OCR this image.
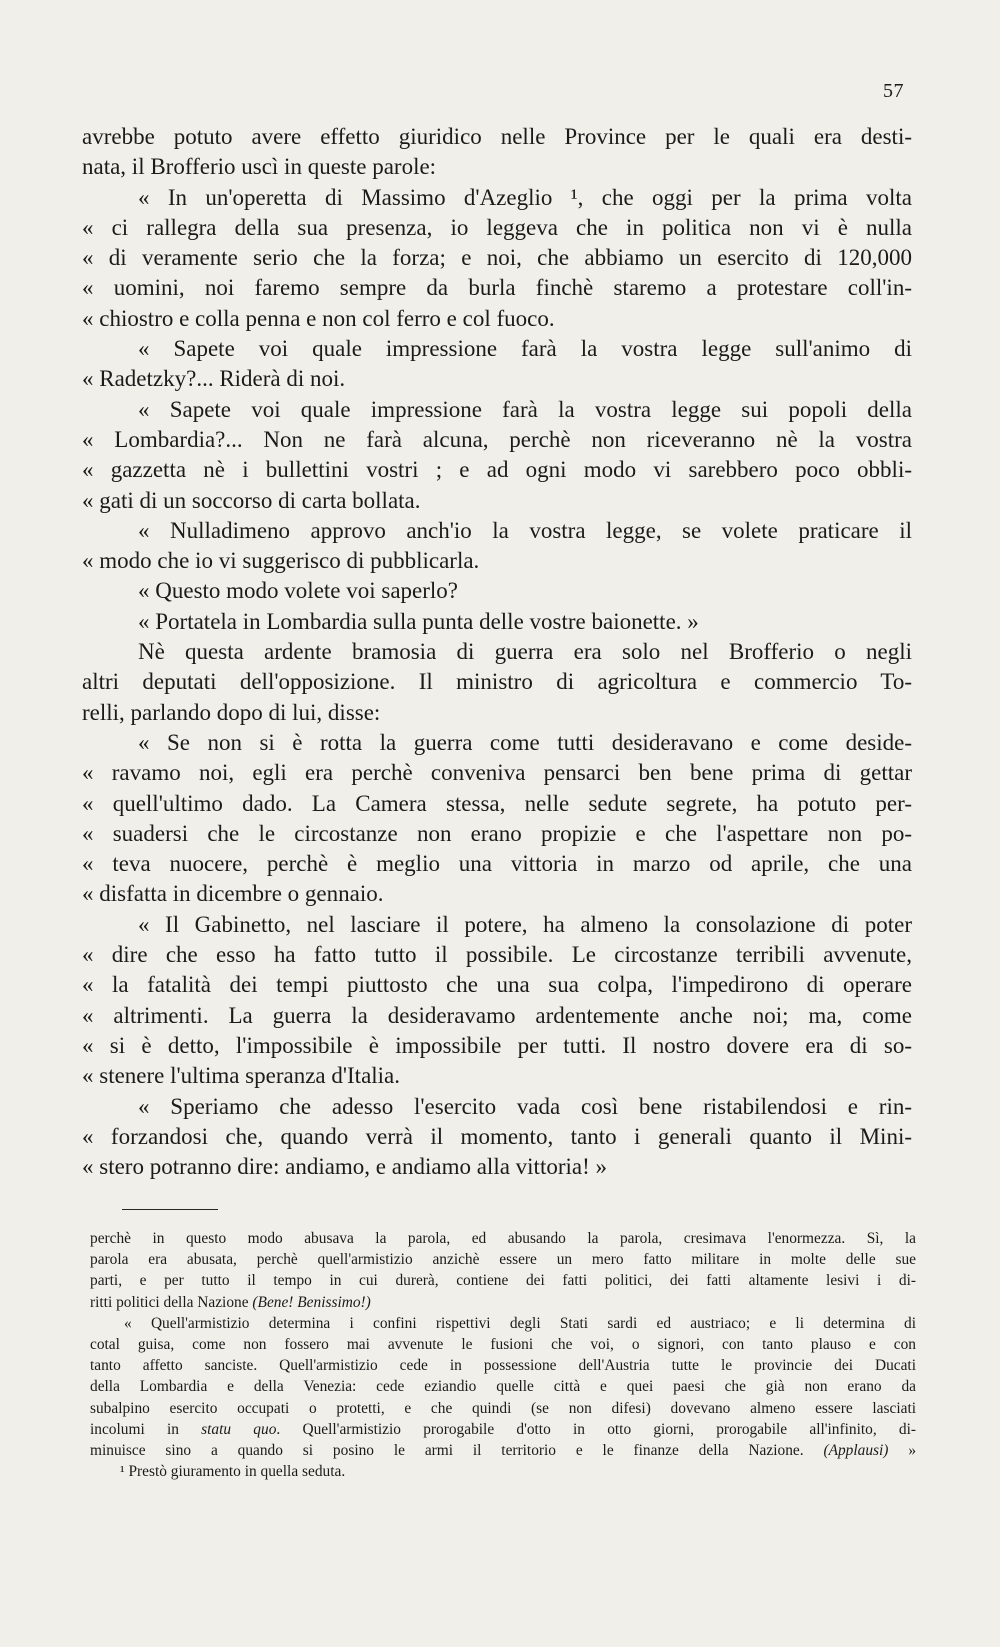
57

avrebbe potuto avere effetto giuridico nelle Province per le quali era desti-

nata, il Brofferio uscì in queste parole:

« In un'operetta di Massimo d'Azeglio ¹, che oggi per la prima volta

« ci rallegra della sua presenza, io leggeva che in politica non vi è nulla

« di veramente serio che la forza; e noi, che abbiamo un esercito di 120,000

« uomini, noi faremo sempre da burla finchè staremo a protestare coll'in-

« chiostro e colla penna e non col ferro e col fuoco.

« Sapete voi quale impressione farà la vostra legge sull'animo di

« Radetzky?... Riderà di noi.

« Sapete voi quale impressione farà la vostra legge sui popoli della

« Lombardia?... Non ne farà alcuna, perchè non riceveranno nè la vostra

« gazzetta nè i bullettini vostri ; e ad ogni modo vi sarebbero poco obbli-

« gati di un soccorso di carta bollata.

« Nulladimeno approvo anch'io la vostra legge, se volete praticare il

« modo che io vi suggerisco di pubblicarla.

« Questo modo volete voi saperlo?

« Portatela in Lombardia sulla punta delle vostre baionette. »

Nè questa ardente bramosia di guerra era solo nel Brofferio o negli

altri deputati dell'opposizione. Il ministro di agricoltura e commercio To-

relli, parlando dopo di lui, disse:

« Se non si è rotta la guerra come tutti desideravano e come deside-

« ravamo noi, egli era perchè conveniva pensarci ben bene prima di gettar

« quell'ultimo dado. La Camera stessa, nelle sedute segrete, ha potuto per-

« suadersi che le circostanze non erano propizie e che l'aspettare non po-

« teva nuocere, perchè è meglio una vittoria in marzo od aprile, che una

« disfatta in dicembre o gennaio.

« Il Gabinetto, nel lasciare il potere, ha almeno la consolazione di poter

« dire che esso ha fatto tutto il possibile. Le circostanze terribili avvenute,

« la fatalità dei tempi piuttosto che una sua colpa, l'impedirono di operare

« altrimenti. La guerra la desideravamo ardentemente anche noi; ma, come

« si è detto, l'impossibile è impossibile per tutti. Il nostro dovere era di so-

« stenere l'ultima speranza d'Italia.

« Speriamo che adesso l'esercito vada così bene ristabilendosi e rin-

« forzandosi che, quando verrà il momento, tanto i generali quanto il Mini-

« stero potranno dire: andiamo, e andiamo alla vittoria! »

perchè in questo modo abusava la parola, ed abusando la parola, cresimava l'enormezza. Sì, la

parola era abusata, perchè quell'armistizio anzichè essere un mero fatto militare in molte delle sue

parti, e per tutto il tempo in cui durerà, contiene dei fatti politici, dei fatti altamente lesivi i di-

ritti politici della Nazione (Bene! Benissimo!)

« Quell'armistizio determina i confini rispettivi degli Stati sardi ed austriaco; e li determina di

cotal guisa, come non fossero mai avvenute le fusioni che voi, o signori, con tanto plauso e con

tanto affetto sanciste. Quell'armistizio cede in possessione dell'Austria tutte le provincie dei Ducati

della Lombardia e della Venezia: cede eziandio quelle città e quei paesi che già non erano da

subalpino esercito occupati o protetti, e che quindi (se non difesi) dovevano almeno essere lasciati

incolumi in statu quo. Quell'armistizio prorogabile d'otto in otto giorni, prorogabile all'infinito, di-

minuisce sino a quando si posino le armi il territorio e le finanze della Nazione. (Applausi) »

¹ Prestò giuramento in quella seduta.
